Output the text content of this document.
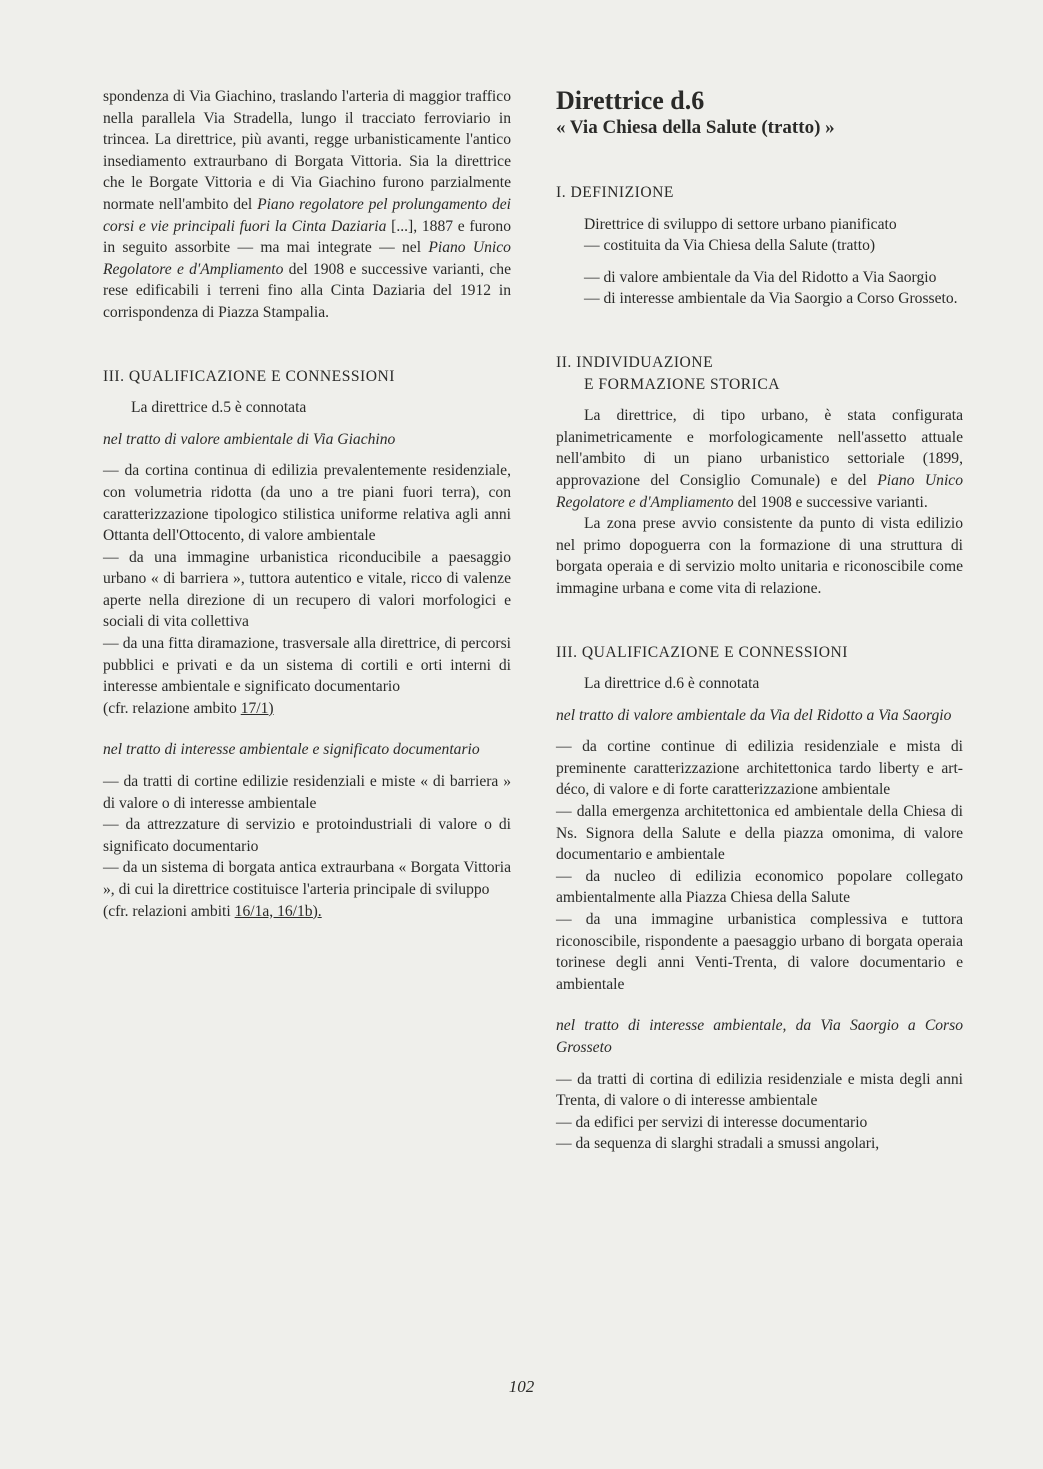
spondenza di Via Giachino, traslando l'arteria di maggior traffico nella parallela Via Stradella, lungo il tracciato ferroviario in trincea. La direttrice, più avanti, regge urbanisticamente l'antico insediamento extraurbano di Borgata Vittoria. Sia la direttrice che le Borgate Vittoria e di Via Giachino furono parzialmente normate nell'ambito del Piano regolatore pel prolungamento dei corsi e vie principali fuori la Cinta Daziaria [...], 1887 e furono in seguito assorbite — ma mai integrate — nel Piano Unico Regolatore e d'Ampliamento del 1908 e successive varianti, che rese edificabili i terreni fino alla Cinta Daziaria del 1912 in corrispondenza di Piazza Stampalia.

III. QUALIFICAZIONE E CONNESSIONI

La direttrice d.5 è connotata

nel tratto di valore ambientale di Via Giachino

— da cortina continua di edilizia prevalentemente residenziale, con volumetria ridotta (da uno a tre piani fuori terra), con caratterizzazione tipologico stilistica uniforme relativa agli anni Ottanta dell'Ottocento, di valore ambientale

— da una immagine urbanistica riconducibile a paesaggio urbano « di barriera », tuttora autentico e vitale, ricco di valenze aperte nella direzione di un recupero di valori morfologici e sociali di vita collettiva

— da una fitta diramazione, trasversale alla direttrice, di percorsi pubblici e privati e da un sistema di cortili e orti interni di interesse ambientale e significato documentario

(cfr. relazione ambito 17/1)

nel tratto di interesse ambientale e significato documentario

— da tratti di cortine edilizie residenziali e miste « di barriera » di valore o di interesse ambientale

— da attrezzature di servizio e protoindustriali di valore o di significato documentario

— da un sistema di borgata antica extraurbana « Borgata Vittoria », di cui la direttrice costituisce l'arteria principale di sviluppo

(cfr. relazioni ambiti 16/1a, 16/1b).

Direttrice d.6

« Via Chiesa della Salute (tratto) »

I. DEFINIZIONE

Direttrice di sviluppo di settore urbano pianificato

— costituita da Via Chiesa della Salute (tratto)

— di valore ambientale da Via del Ridotto a Via Saorgio

— di interesse ambientale da Via Saorgio a Corso Grosseto.

II. INDIVIDUAZIONE

E FORMAZIONE STORICA

La direttrice, di tipo urbano, è stata configurata planimetricamente e morfologicamente nell'assetto attuale nell'ambito di un piano urbanistico settoriale (1899, approvazione del Consiglio Comunale) e del Piano Unico Regolatore e d'Ampliamento del 1908 e successive varianti.

La zona prese avvio consistente da punto di vista edilizio nel primo dopoguerra con la formazione di una struttura di borgata operaia e di servizio molto unitaria e riconoscibile come immagine urbana e come vita di relazione.

III. QUALIFICAZIONE E CONNESSIONI

La direttrice d.6 è connotata

nel tratto di valore ambientale da Via del Ridotto a Via Saorgio

— da cortine continue di edilizia residenziale e mista di preminente caratterizzazione architettonica tardo liberty e art-déco, di valore e di forte caratterizzazione ambientale

— dalla emergenza architettonica ed ambientale della Chiesa di Ns. Signora della Salute e della piazza omonima, di valore documentario e ambientale

— da nucleo di edilizia economico popolare collegato ambientalmente alla Piazza Chiesa della Salute

— da una immagine urbanistica complessiva e tuttora riconoscibile, rispondente a paesaggio urbano di borgata operaia torinese degli anni Venti-Trenta, di valore documentario e ambientale

nel tratto di interesse ambientale, da Via Saorgio a Corso Grosseto

— da tratti di cortina di edilizia residenziale e mista degli anni Trenta, di valore o di interesse ambientale

— da edifici per servizi di interesse documentario

— da sequenza di slarghi stradali a smussi angolari,

102
